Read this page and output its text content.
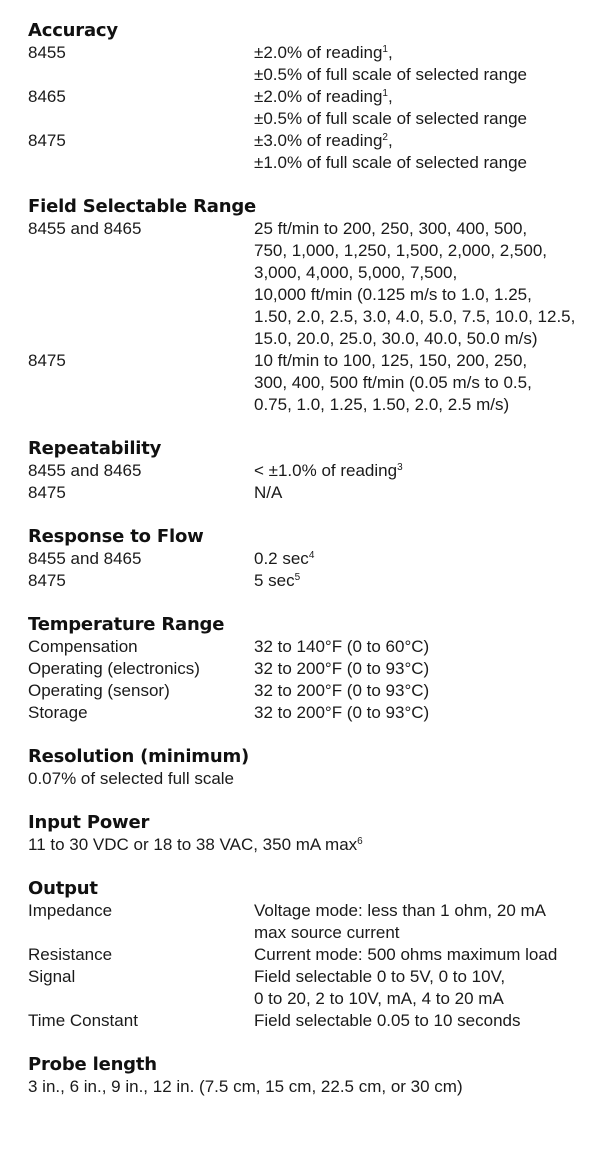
Accuracy
8455	±2.0% of reading$^1$,
±0.5% of full scale of selected range
8465	±2.0% of reading$^1$,
±0.5% of full scale of selected range
8475	±3.0% of reading$^2$,
±1.0% of full scale of selected range
Field Selectable Range
8455 and 8465	25 ft/min to 200, 250, 300, 400, 500,
750, 1,000, 1,250, 1,500, 2,000, 2,500,
3,000, 4,000, 5,000, 7,500,
10,000 ft/min (0.125 m/s to 1.0, 1.25,
1.50, 2.0, 2.5, 3.0, 4.0, 5.0, 7.5, 10.0, 12.5,
15.0, 20.0, 25.0, 30.0, 40.0, 50.0 m/s)
8475	10 ft/min to 100, 125, 150, 200, 250,
300, 400, 500 ft/min (0.05 m/s to 0.5,
0.75, 1.0, 1.25, 1.50, 2.0, 2.5 m/s)
Repeatability
8455 and 8465	< ±1.0% of reading$^3$
8475	N/A
Response to Flow
8455 and 8465	0.2 $\sec^4$
8475	5 $\sec^5$
Temperature Range
Compensation	32 to 140°F (0 to 60°C)
Operating (electronics)	32 to 200°F (0 to 93°C)
Operating (sensor)	32 to 200°F (0 to 93°C)
Storage	32 to 200°F (0 to 93°C)
Resolution (minimum)
0.07% of selected full scale
Input Power
11 to 30 VDC or 18 to 38 VAC, 350 mA $\max^6$
Output
Impedance	Voltage mode: less than 1 ohm, 20 mA
max source current
Resistance	Current mode: 500 ohms maximum load
Signal	Field selectable 0 to 5V, 0 to 10V,
0 to 20, 2 to 10V, mA, 4 to 20 mA
Time Constant	Field selectable 0.05 to 10 seconds
Probe length
3 in., 6 in., 9 in., 12 in. (7.5 cm, 15 cm, 22.5 cm, or 30 cm)
